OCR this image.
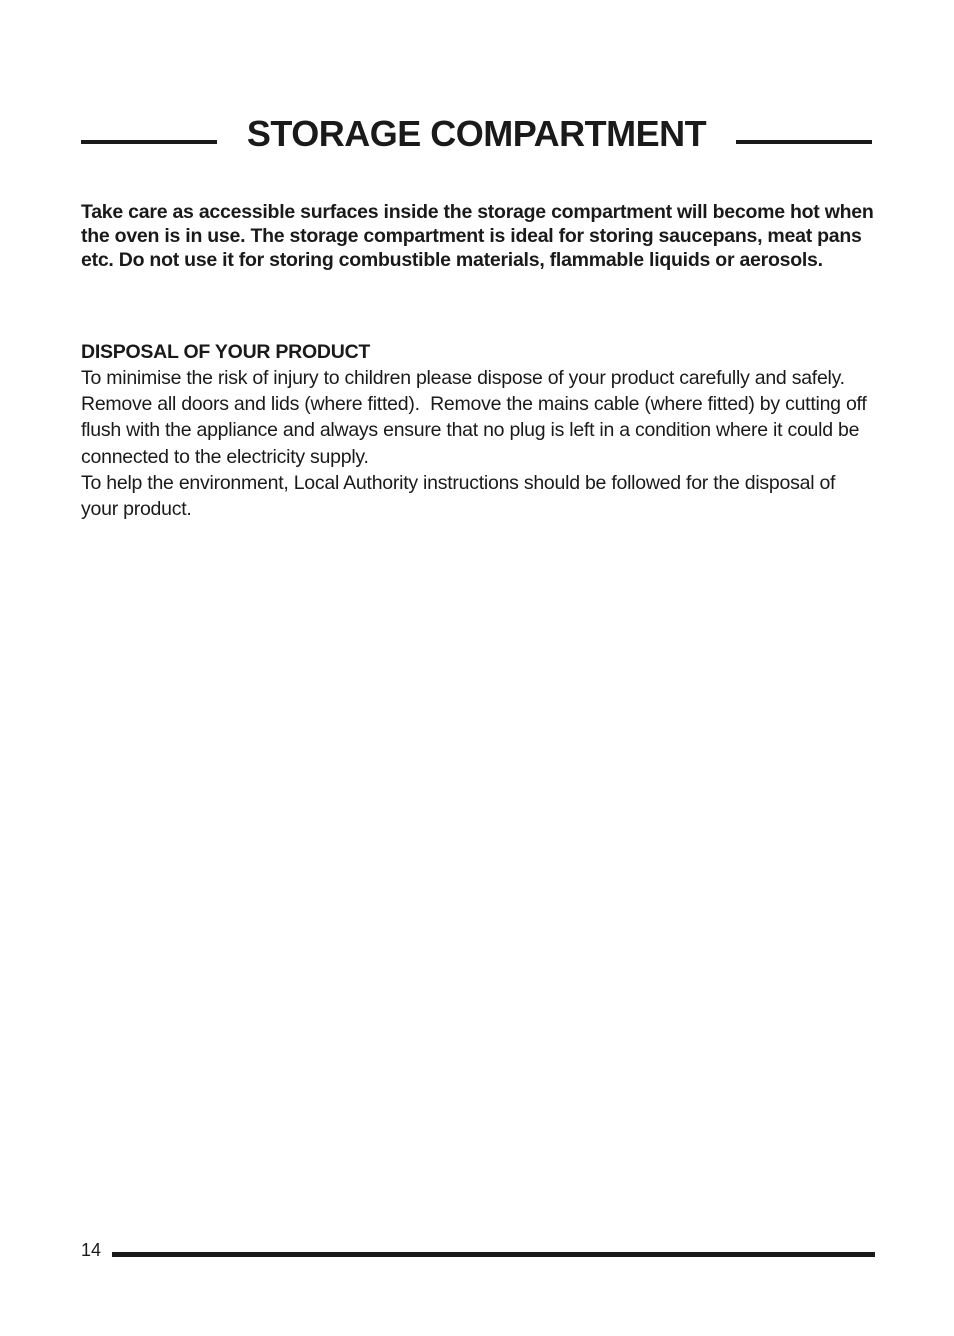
STORAGE COMPARTMENT

Take care as accessible surfaces inside the storage compartment will become hot when the oven is in use. The storage compartment is ideal for storing saucepans, meat pans etc. Do not use it for storing combustible materials, flammable liquids or aerosols.

DISPOSAL OF YOUR PRODUCT

To minimise the risk of injury to children please dispose of your product carefully and safely.  Remove all doors and lids (where fitted).  Remove the mains cable (where fitted) by cutting off flush with the appliance and always ensure that no plug is left in a condition where it could be connected to the electricity supply.

To help the environment, Local Authority instructions should be followed for the disposal of your product.

14
